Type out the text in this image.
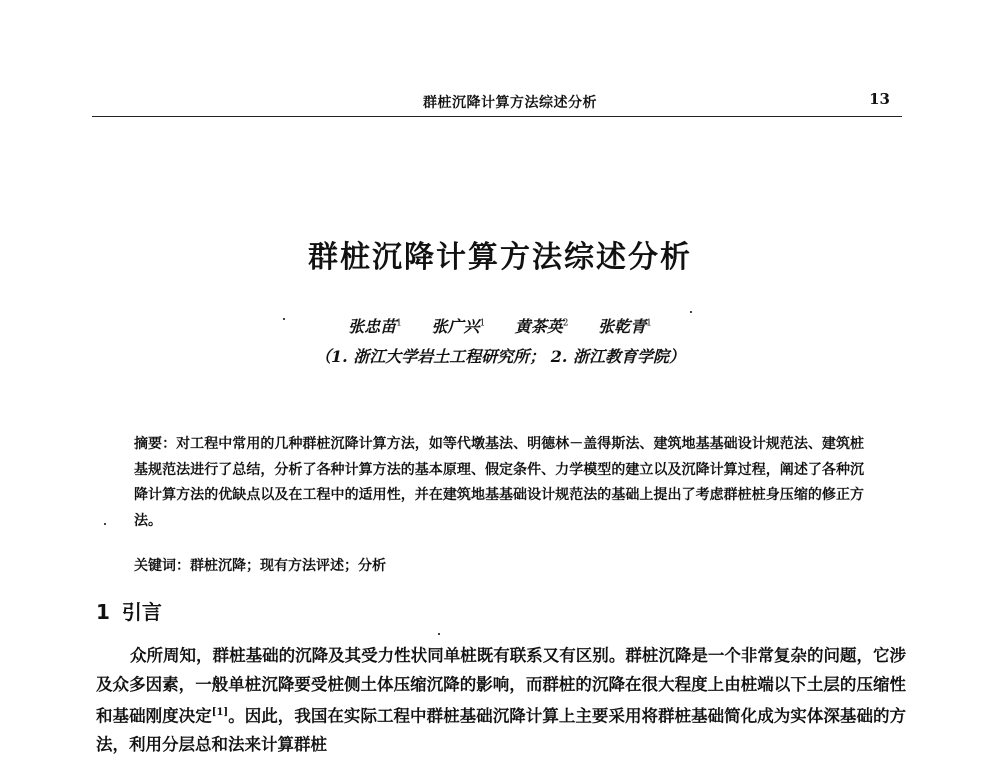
群桩沉降计算方法综述分析	13
群桩沉降计算方法综述分析
张忠苗$^1$ 张广兴$^1$ 黄茶英$^2$ 张乾青$^1$
（1. 浙江大学岩土工程研究所； 2. 浙江教育学院）
摘要：对工程中常用的几种群桩沉降计算方法，如等代墩基法、明德林－盖得斯法、建筑地基基础设计规范法、建筑桩基规范法进行了总结，分析了各种计算方法的基本原理、假定条件、力学模型的建立以及沉降计算过程，阐述了各种沉降计算方法的优缺点以及在工程中的适用性，并在建筑地基基础设计规范法的基础上提出了考虑群桩桩身压缩的修正方法。
关键词：群桩沉降；现有方法评述；分析
1 引言
众所周知，群桩基础的沉降及其受力性状同单桩既有联系又有区别。群桩沉降是一个非常复杂的问题，它涉及众多因素，一般单桩沉降要受桩侧土体压缩沉降的影响，而群桩的沉降在很大程度上由桩端以下土层的压缩性和基础刚度决定[1]。因此，我国在实际工程中群桩基础沉降计算上主要采用将群桩基础简化成为实体深基础的方法，利用分层总和法来计算群桩
